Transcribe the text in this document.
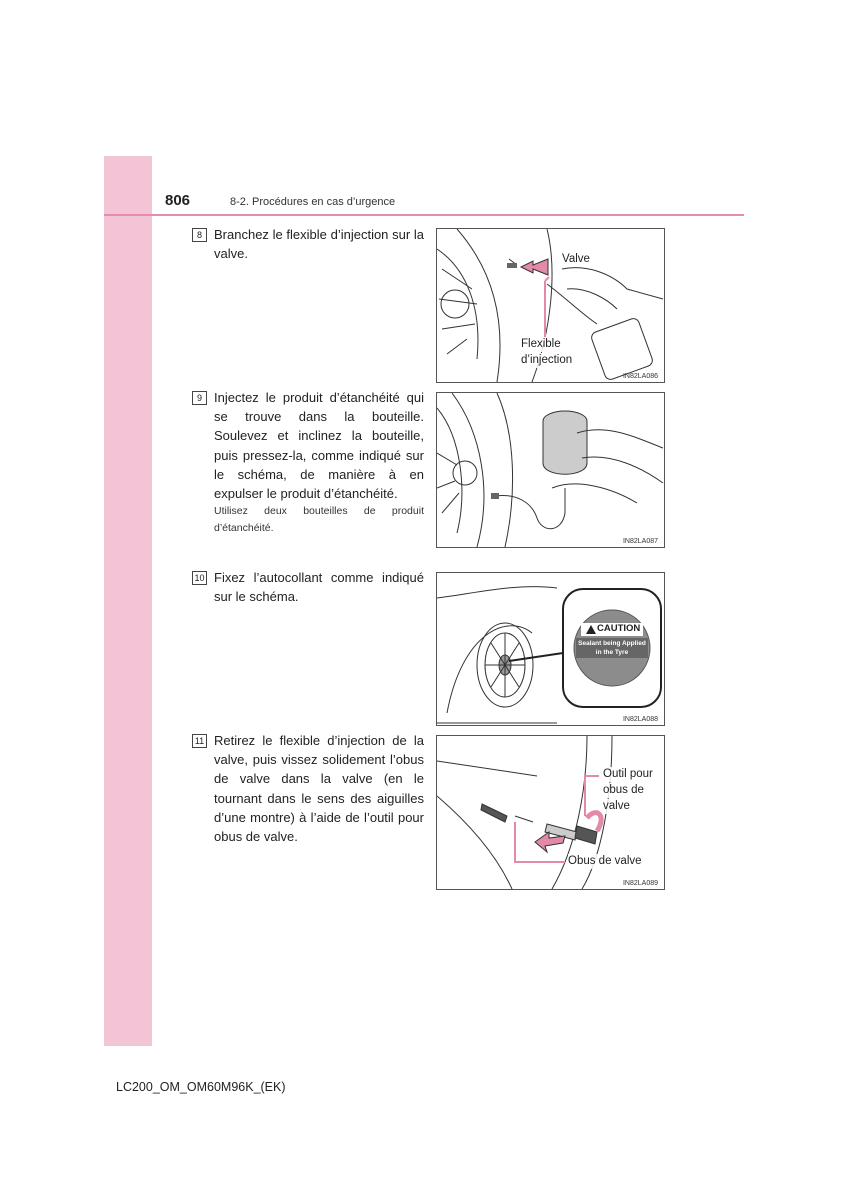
806	8-2. Procédures en cas d’urgence
8 Branchez le flexible d’injection sur la valve.	Valve
Flexible
d’injection
IN82LA086
9 Injectez le produit d’étanchéité qui se trouve dans la bouteille. Soulevez et inclinez la bouteille, puis pressez-la, comme indiqué sur le schéma, de manière à en expulser le produit d’étanchéité.

Utilisez deux bouteilles de produit d’étanchéité.

IN82LA087
10 Fixez l’autocollant comme indiqué sur le schéma.

CAUTION
Sealant being Applied
in the Tyre
IN82LA088
11 Retirez le flexible d’injection de la valve, puis vissez solidement l’obus de valve dans la valve (en le tournant dans le sens des aiguilles d’une montre) à l’aide de l’outil pour obus de valve.

Outil pour
obus de
valve
Obus de valve
IN82LA089
LC200_OM_OM60M96K_(EK)
